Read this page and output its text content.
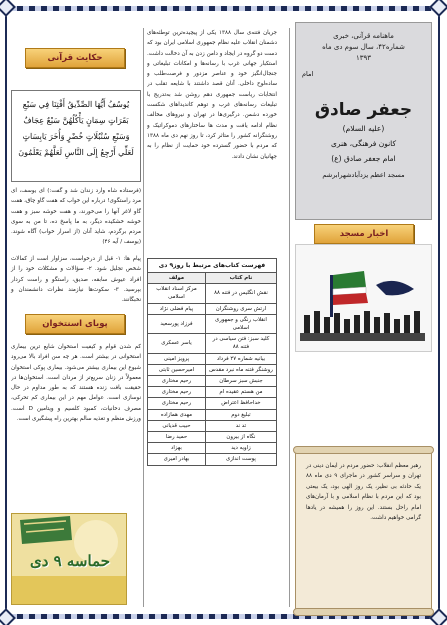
ماهنامه قرآنی، خبری
شماره۴۲، سال سوم دی ماه
۱۳۹۳
امام
جعفر صادق
(علیه السلام)
کانون فرهنگی، هنری
امام جعفر صادق (ع)
مسجد اعظم یزدآبادشهرابرشم
اخبار مسجد
رهبر معظم انقلاب: حضور مردم در ایمان دینی در تهران و سراسر کشور در ماجرای ۹ دی ماه ۸۸ یک حادثه بی نظیر، یک روز الهی بود، یک بیعتی بود که این مردم با نظام اسلامی و با آرمان‌های امام راحل بستند. این روز را همیشه در یادها گرامی خواهیم داشت.
جریان فتنه‌ی سال ۱۳۸۸ یکی از پیچیده‌ترین توطئه‌های دشمنان انقلاب علیه نظام جمهوری اسلامی ایران بود که دست دو گروه در ایجاد و دامن زدن به آن دخالت داشت. استکبار جهانی غرب با رسانه‌ها و امکانات تبلیغاتی و جنجال‌انگیز خود و عناصر مزدور و فرصت‌طلب و ساده‌لوح داخلی. آنان قصد داشتند با شایعه تقلب در انتخابات ریاست جمهوری دهم روشن شد به‌تدریج با تبلیغات رسانه‌های غرب و توهم کاندیداهای شکست خورده دشمن. درگیری‌ها در تهران و نیروهای مخالف نظام ادامه یافت و مدت ها ساختارهای دموکراتیک و روشنگرانه کشور را متاثر کرد، تا روز نهم دی ماه ۱۳۸۸ که مردم با حضور گسترده خود حمایت از نظام را به جهانیان نشان دادند.
فهرست کتاب‌های مرتبط با روز۹ دی
نام کتاب	مولف
نقش انگلیس در فتنه ۸۸	مرکز اسناد انقلاب اسلامی
ارتش سری روشنگران	پیام فضلی نژاد
انقلاب رنگی و جمهوری اسلامی	فرزاد پورسعید
کلید سبز: فتن سیاسی در فتنه ۸۸	یاسر عسکری
بیانیه شماره ۲۷ فرداد	پرویز امینی
روشنگر فتنه ماه نبرد مقدس	امیرحسین ثابتی
جنبش سبز سرطان	رحیم مختاری
من هستم عقیده ام	رحیم مختاری
خداحافظ اعتراض	رحیم مختاری
تبلیغ دوم	مهدی همازاده
تد ند	حبیب قدیانی
نگاه از بیرون	حمید رضا
زاویه دید	بهزاد
پوست اندازی	بهادر امیری
حکایت قرآنی
يُوسُفُ أَيُّهَا الصِّدِّيقُ أَفْتِنَا فِي سَبْعِ بَقَرَاتٍ سِمَانٍ يَأْكُلُهُنَّ سَبْعٌ عِجَافٌ وَسَبْعِ سُنْبُلَاتٍ خُضْرٍ وَأُخَرَ يَابِسَاتٍ لَعَلِّي أَرْجِعُ إِلَى النَّاسِ لَعَلَّهُمْ يَعْلَمُونَ
(فرستاده شاه وارد زندان شد و گفت:) ای یوسف، ای مرد راستگوی! درباره این خواب که هفت گاو چاق، هفت گاو لاغر آنها را می‌خورند، و هفت خوشه سبز و هفت خوشه خشکیده دیگر، به ما پاسخ ده، تا من به سوی مردم برگردم، شاید آنان (از اسرار خواب) آگاه شوند. (یوسف / آیه ۴۶)
پیام ها: ۱- قبل از درخواست، سزاوار است از کمالات شخص تجلیل شود. ۲- سؤالات و مشکلات خود را از افراد عیوش سابقه، صدیق، راستگو و راست کردار بپرسید. ۳- سکوت‌ها نیازمند نظرات دانشمندان و نخبگانند.
پویای اسنتخوان
کم شدن قوام و کیفیت استخوان شایع ترین بیماری استخوانی در بیشتر است. هر چه سن افراد بالا می‌رود شیوع این بیماری بیشتر می‌شود. بیماری پوکی استخوان معمولاً در زنان سریع‌تر از مردان است. استخوان‌ها در حقیقت بافت زنده هستند که به طور مداوم در حال نوسازی است. عوامل مهم در این بیماری کم تحرکی، مصرف دخانیات، کمبود کلسیم و ویتامین D است. ورزش منظم و تغذیه سالم بهترین راه پیشگیری است.
حماسه ۹ دی
